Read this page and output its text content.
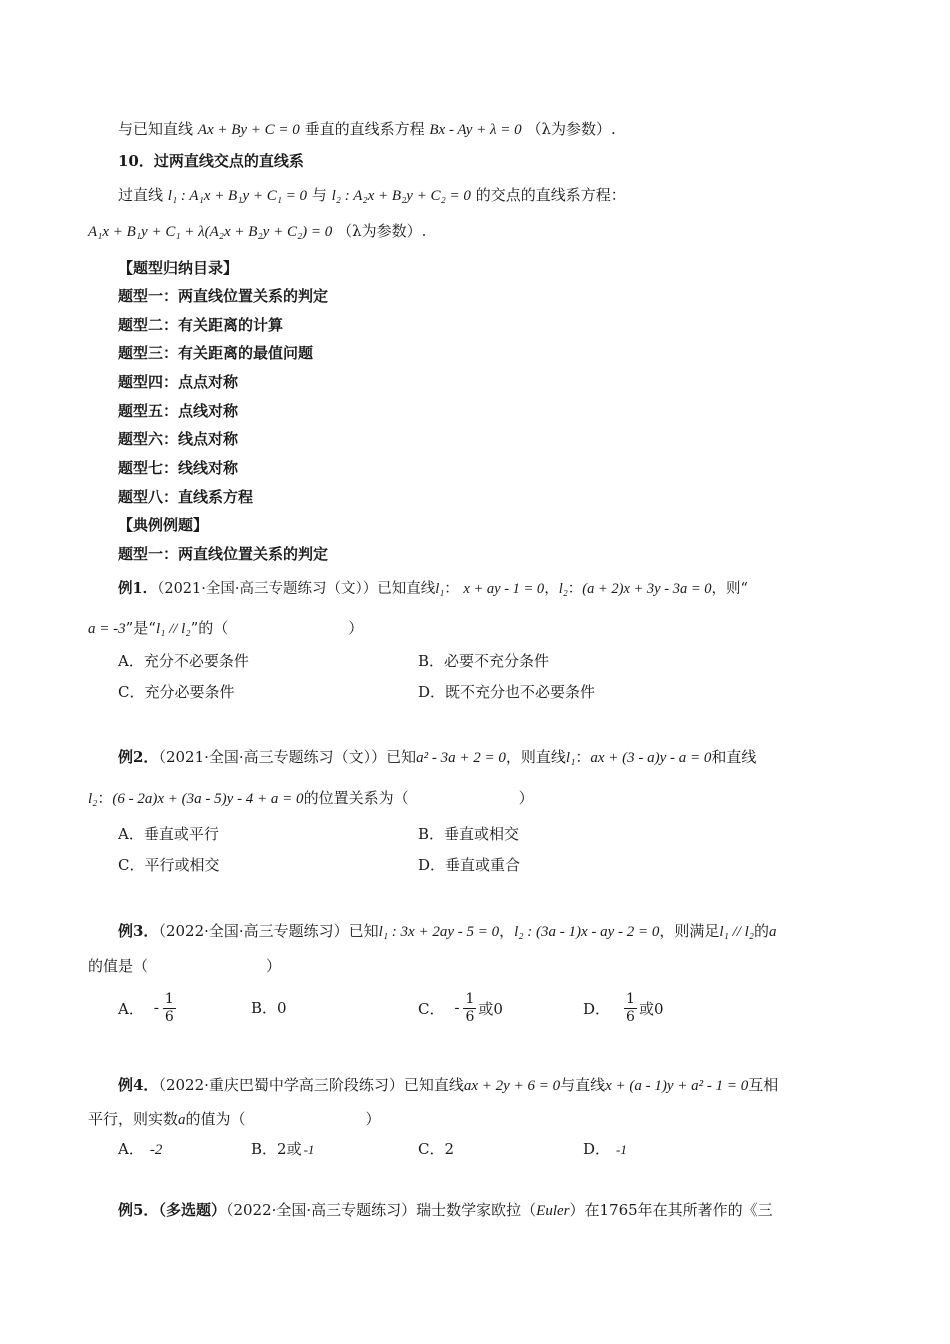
与已知直线 Ax + By + C = 0 垂直的直线系方程 Bx - Ay + λ = 0 （λ为参数）.
10．过两直线交点的直线系
过直线 l₁ : A₁x + B₁y + C₁ = 0 与 l₂ : A₂x + B₂y + C₂ = 0 的交点的直线系方程：
A₁x + B₁y + C₁ + λ(A₂x + B₂y + C₂) = 0 （λ为参数）.
【题型归纳目录】
题型一：两直线位置关系的判定
题型二：有关距离的计算
题型三：有关距离的最值问题
题型四：点点对称
题型五：点线对称
题型六：线点对称
题型七：线线对称
题型八：直线系方程
【典例例题】
题型一：两直线位置关系的判定
例1．（2021·全国·高三专题练习（文））已知直线l₁： x + ay - 1 = 0，l₂：(a + 2)x + 3y - 3a = 0，则“
a = -3”是“l₁ // l₂”的（	）
A．充分不必要条件	B．必要不充分条件
C．充分必要条件	D．既不充分也不必要条件
例2．（2021·全国·高三专题练习（文））已知a² - 3a + 2 = 0，则直线l₁：ax + (3 - a)y - a = 0和直线
l₂：(6 - 2a)x + (3a - 5)y - 4 + a = 0的位置关系为（	）
A．垂直或平行	B．垂直或相交
C．平行或相交	D．垂直或重合
例3．（2022·全国·高三专题练习）已知l₁ : 3x + 2ay - 5 = 0，l₂ : (3a - 1)x - ay - 2 = 0，则满足l₁ // l₂的a
的值是（	）
A． - $\frac{1}{6}$	B．0	C． - $\frac{1}{6}$ 或0	D． $\frac{1}{6}$ 或0
例4．（2022·重庆巴蜀中学高三阶段练习）已知直线ax + 2y + 6 = 0与直线x + (a - 1)y + a² - 1 = 0互相
平行，则实数a的值为（	）
A． -2	B．2或 -1	C．2	D． -1
例5．（多选题）（2022·全国·高三专题练习）瑞士数学家欧拉（Euler）在1765年在其所著作的《三
